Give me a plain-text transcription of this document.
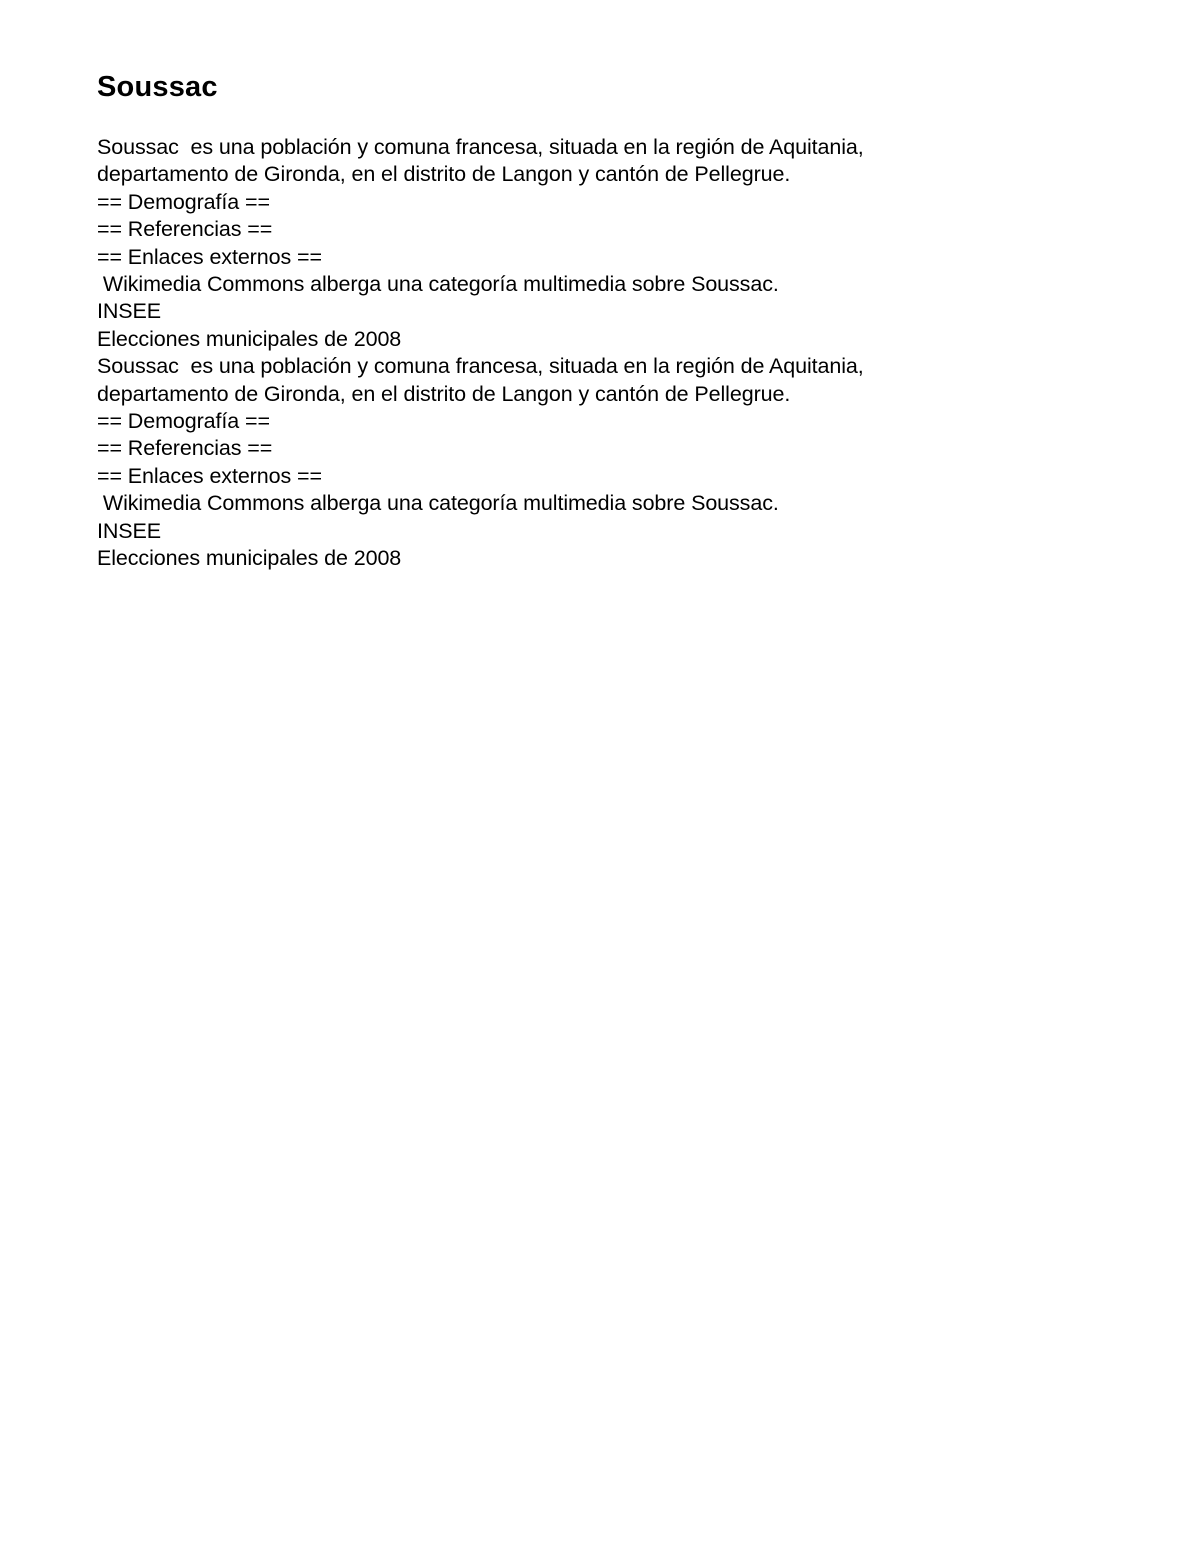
Soussac
Soussac  es una población y comuna francesa, situada en la región de Aquitania,
departamento de Gironda, en el distrito de Langon y cantón de Pellegrue.
== Demografía ==
== Referencias ==
== Enlaces externos ==
Wikimedia Commons alberga una categoría multimedia sobre Soussac.
INSEE
Elecciones municipales de 2008
Soussac  es una población y comuna francesa, situada en la región de Aquitania,
departamento de Gironda, en el distrito de Langon y cantón de Pellegrue.
== Demografía ==
== Referencias ==
== Enlaces externos ==
Wikimedia Commons alberga una categoría multimedia sobre Soussac.
INSEE
Elecciones municipales de 2008
